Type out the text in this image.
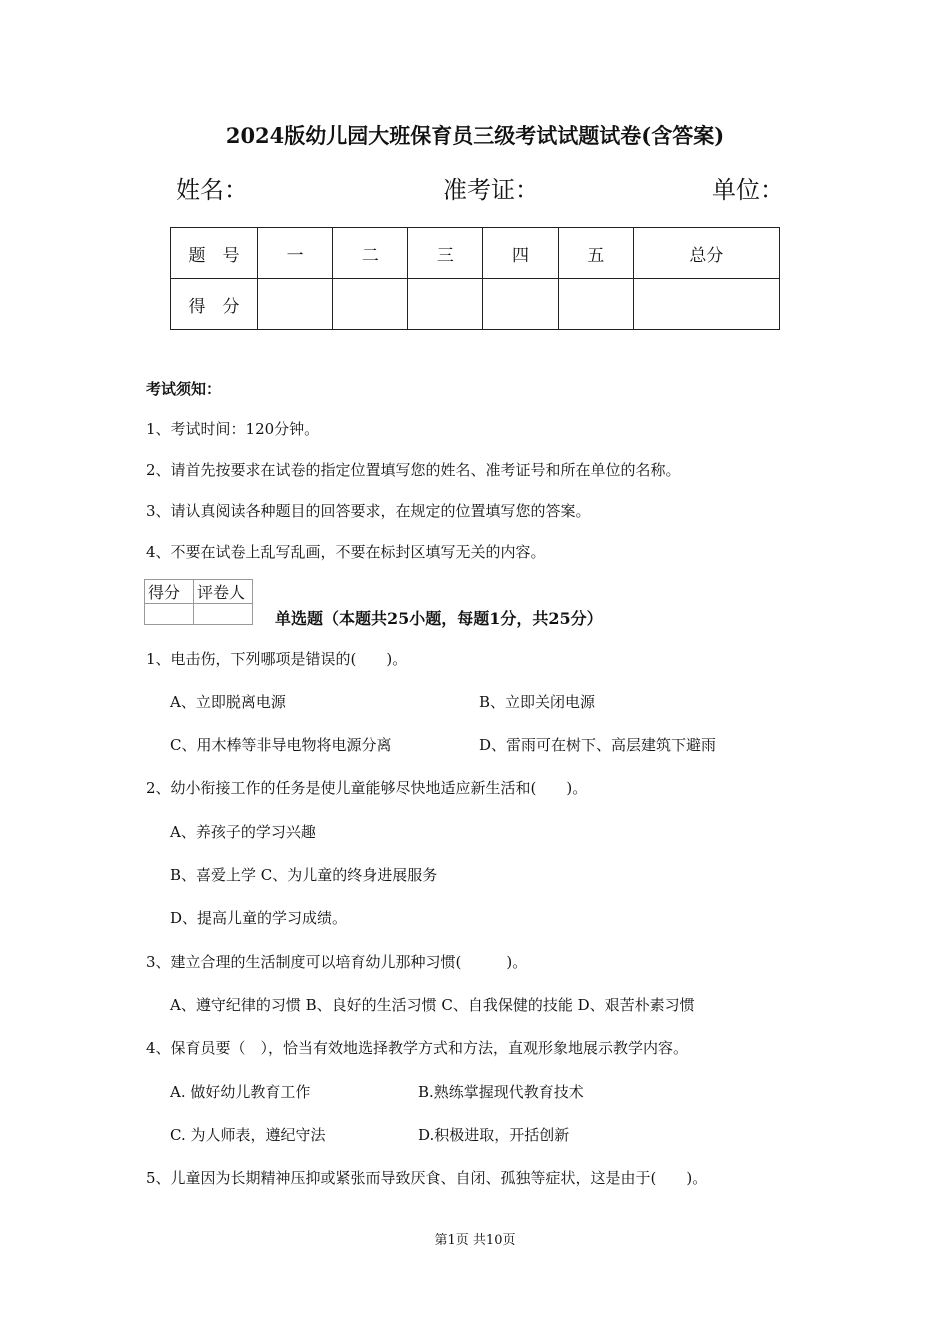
2024版幼儿园大班保育员三级考试试题试卷(含答案)
姓名：	准考证：	单位：
题　号	一	二	三	四	五	总分
得　分						
考试须知：
1、考试时间：120分钟。
2、请首先按要求在试卷的指定位置填写您的姓名、准考证号和所在单位的名称。
3、请认真阅读各种题目的回答要求，在规定的位置填写您的答案。
4、不要在试卷上乱写乱画，不要在标封区填写无关的内容。
得分	评卷人

单选题（本题共25小题，每题1分，共25分）
1、电击伤，下列哪项是错误的(　　)。
A、立即脱离电源	B、立即关闭电源
C、用木棒等非导电物将电源分离	D、雷雨可在树下、高层建筑下避雨
2、幼小衔接工作的任务是使儿童能够尽快地适应新生活和(　　)。
A、养孩子的学习兴趣
B、喜爱上学 C、为儿童的终身进展服务
D、提高儿童的学习成绩。
3、建立合理的生活制度可以培育幼儿那种习惯(　　　)。
A、遵守纪律的习惯 B、良好的生活习惯 C、自我保健的技能 D、艰苦朴素习惯
4、保育员要（　），恰当有效地选择教学方式和方法，直观形象地展示教学内容。
A. 做好幼儿教育工作	B.熟练掌握现代教育技术
C. 为人师表，遵纪守法	D.积极进取，开括创新
5、儿童因为长期精神压抑或紧张而导致厌食、自闭、孤独等症状，这是由于(　　)。
第1页 共10页
